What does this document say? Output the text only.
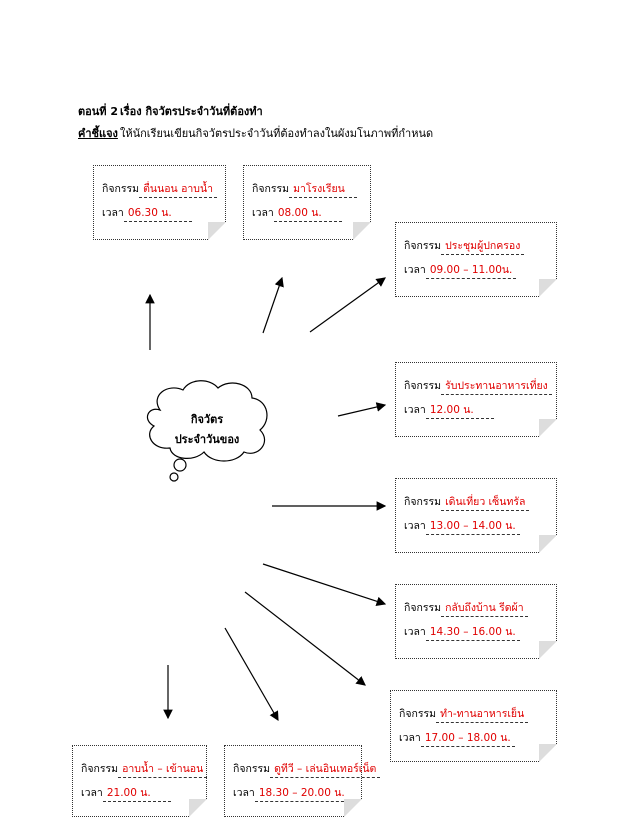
ตอนที่ 2 เรื่อง กิจวัตรประจำวันที่ต้องทำ
คำชี้แจง ให้นักเรียนเขียนกิจวัตรประจำวันที่ต้องทำลงในผังมโนภาพที่กำหนด
กิจวัตร
ประจำวันของ
กิจกรรม ตื่นนอน อาบน้ำ
เวลา 06.30 น.
กิจกรรม มาโรงเรียน
เวลา 08.00 น.
กิจกรรม ประชุมผู้ปกครอง
เวลา 09.00 – 11.00น.
กิจกรรม รับประทานอาหารเที่ยง
เวลา 12.00 น.
กิจกรรม เดินเที่ยว เซ็นทรัล
เวลา 13.00 – 14.00 น.
กิจกรรม กลับถึงบ้าน รีดผ้า
เวลา 14.30 – 16.00 น.
กิจกรรม ทำ-ทานอาหารเย็น
เวลา 17.00 – 18.00 น.
กิจกรรม อาบน้ำ – เข้านอน
เวลา 21.00 น.
กิจกรรม ดูทีวี – เล่นอินเทอร์เน็ต
เวลา 18.30 – 20.00 น.
